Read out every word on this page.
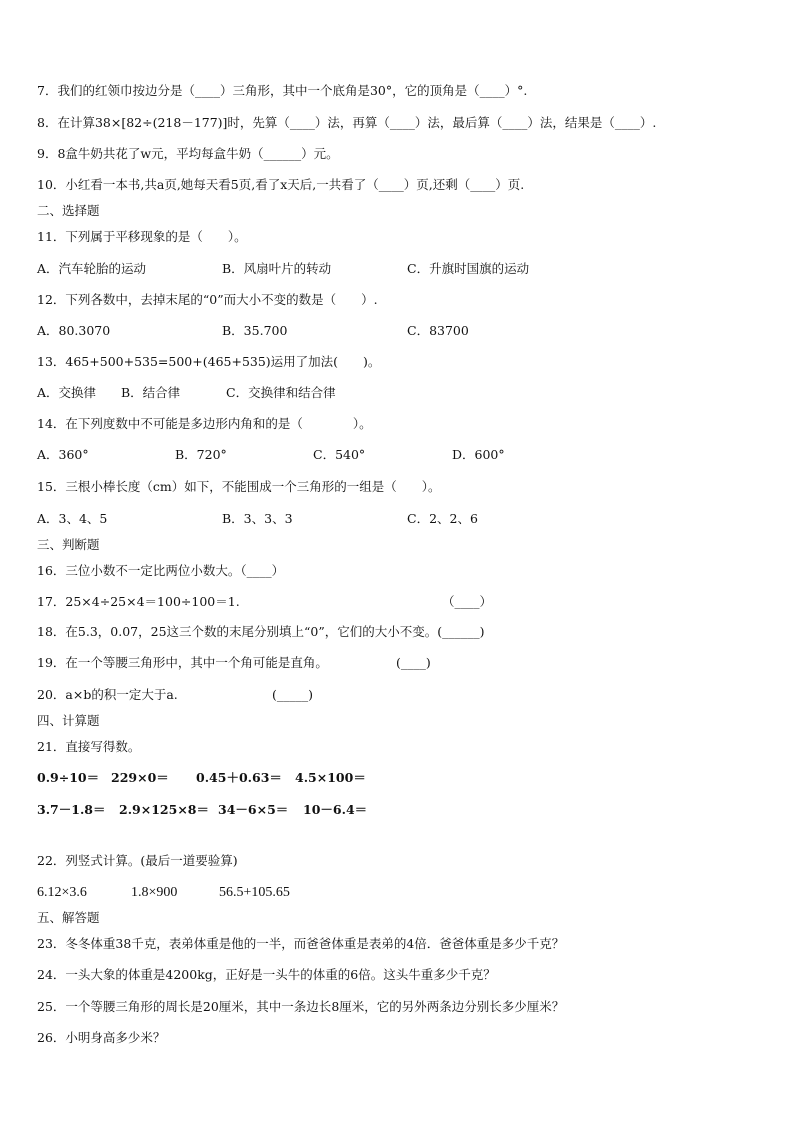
7．我们的红领巾按边分是（____）三角形，其中一个底角是30°，它的顶角是（____）°.
8．在计算38×[82÷(218－177)]时，先算（____）法，再算（____）法，最后算（____）法，结果是（____）.
9．8盒牛奶共花了w元，平均每盒牛奶（______）元。
10．小红看一本书,共a页,她每天看5页,看了x天后,一共看了（____）页,还剩（____）页.
二、选择题
11．下列属于平移现象的是（　　）。
A．汽车轮胎的运动	B．风扇叶片的转动	C．升旗时国旗的运动
12．下列各数中，去掉末尾的“0”而大小不变的数是（　　）.
A．80.3070	B．35.700	C．83700
13．465+500+535=500+(465+535)运用了加法(　　)。
A．交换律 B．结合律	C．交换律和结合律
14．在下列度数中不可能是多边形内角和的是（　　　　）。
A．360°	B．720°	C．540°	D．600°
15．三根小棒长度（cm）如下，不能围成一个三角形的一组是（　　）。
A．3、4、5	B．3、3、3	C．2、2、6
三、判断题
16．三位小数不一定比两位小数大。（____）
17．25×4÷25×4＝100÷100＝1.	（____）
18．在5.3，0.07，25这三个数的末尾分别填上“0”，它们的大小不变。(______)
19．在一个等腰三角形中，其中一个角可能是直角。	(____)
20．a×b的积一定大于a.	(_____)
四、计算题
21．直接写得数。
0.9÷10＝ 229×0＝ 0.45＋0.63＝ 4.5×100＝
3.7－1.8＝ 2.9×125×8＝ 34－6×5＝ 10－6.4＝
22．列竖式计算。(最后一道要验算)
6.12×3.6	1.8×900	56.5+105.65
五、解答题
23．冬冬体重38千克，表弟体重是他的一半，而爸爸体重是表弟的4倍．爸爸体重是多少千克？
24．一头大象的体重是4200kg，正好是一头牛的体重的6倍。这头牛重多少千克？
25．一个等腰三角形的周长是20厘米，其中一条边长8厘米，它的另外两条边分别长多少厘米？
26．小明身高多少米？
